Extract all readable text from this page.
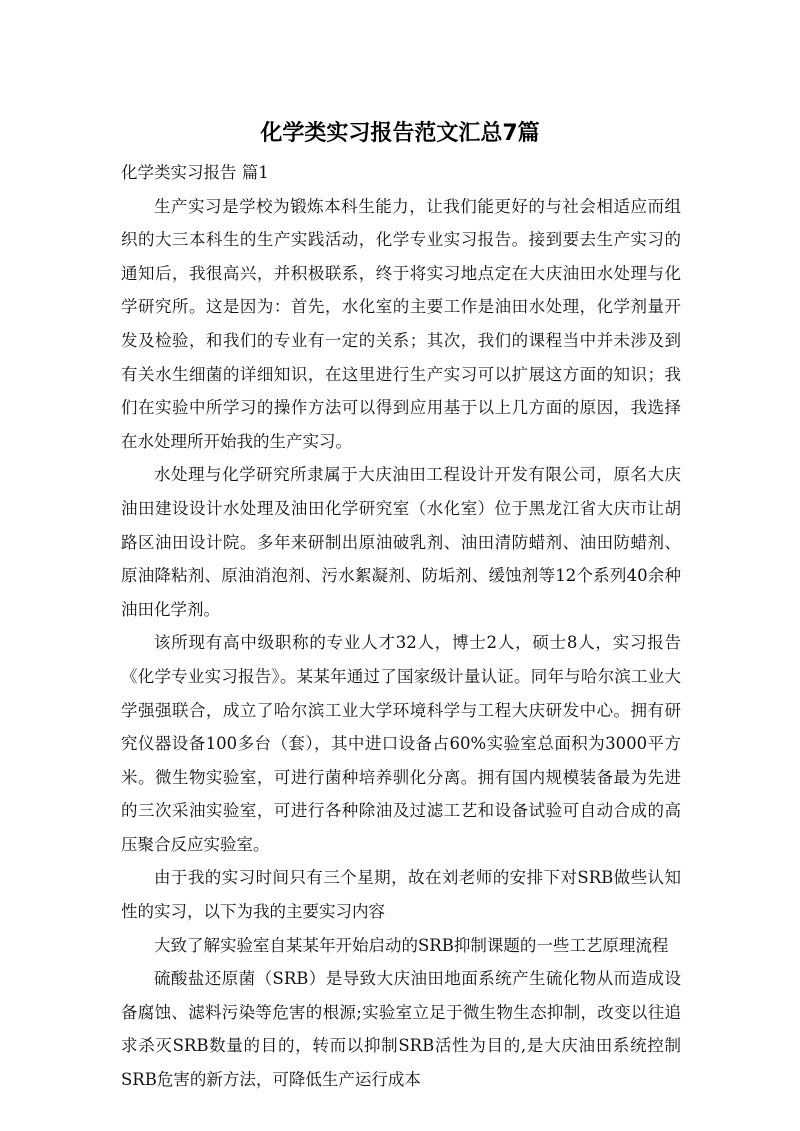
化学类实习报告范文汇总7篇

化学类实习报告 篇1

生产实习是学校为锻炼本科生能力，让我们能更好的与社会相适应而组织的大三本科生的生产实践活动，化学专业实习报告。接到要去生产实习的通知后，我很高兴，并积极联系，终于将实习地点定在大庆油田水处理与化学研究所。这是因为：首先，水化室的主要工作是油田水处理，化学剂量开发及检验，和我们的专业有一定的关系；其次，我们的课程当中并未涉及到有关水生细菌的详细知识，在这里进行生产实习可以扩展这方面的知识；我们在实验中所学习的操作方法可以得到应用基于以上几方面的原因，我选择在水处理所开始我的生产实习。

水处理与化学研究所隶属于大庆油田工程设计开发有限公司，原名大庆油田建设设计水处理及油田化学研究室（水化室）位于黑龙江省大庆市让胡路区油田设计院。多年来研制出原油破乳剂、油田清防蜡剂、油田防蜡剂、原油降粘剂、原油消泡剂、污水絮凝剂、防垢剂、缓蚀剂等12个系列40余种油田化学剂。

该所现有高中级职称的专业人才32人，博士2人，硕士8人，实习报告《化学专业实习报告》。某某年通过了国家级计量认证。同年与哈尔滨工业大学强强联合，成立了哈尔滨工业大学环境科学与工程大庆研发中心。拥有研究仪器设备100多台（套），其中进口设备占60%实验室总面积为3000平方米。微生物实验室，可进行菌种培养驯化分离。拥有国内规模装备最为先进的三次采油实验室，可进行各种除油及过滤工艺和设备试验可自动合成的高压聚合反应实验室。

由于我的实习时间只有三个星期，故在刘老师的安排下对SRB做些认知性的实习，以下为我的主要实习内容

大致了解实验室自某某年开始启动的SRB抑制课题的一些工艺原理流程

硫酸盐还原菌（SRB）是导致大庆油田地面系统产生硫化物从而造成设备腐蚀、滤料污染等危害的根源;实验室立足于微生物生态抑制，改变以往追求杀灭SRB数量的目的，转而以抑制SRB活性为目的,是大庆油田系统控制SRB危害的新方法，可降低生产运行成本
